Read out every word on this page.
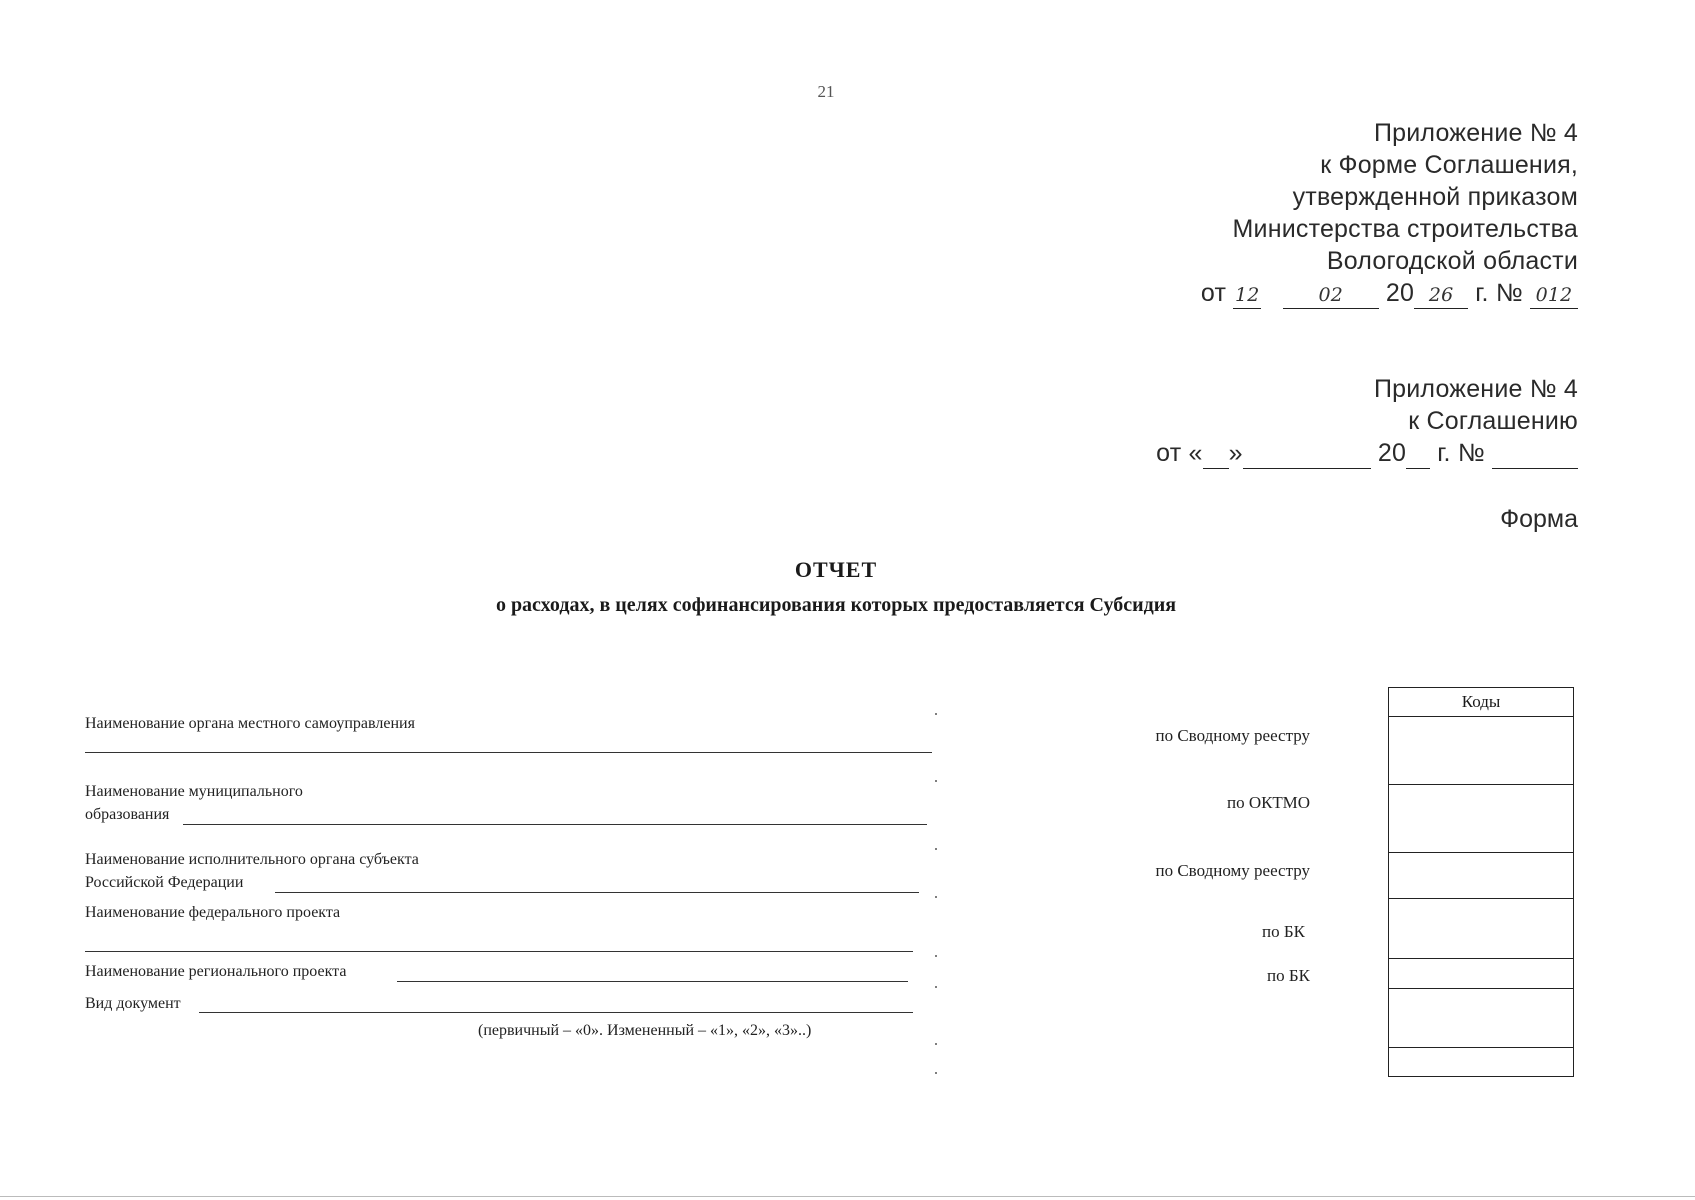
21
Приложение № 4
к Форме Соглашения,
утвержденной приказом
Министерства строительства
Вологодской области
от 12	02 20 26 г. № 012
Приложение № 4
к Соглашению
от « »	20 г. №
Форма
ОТЧЕТ
о расходах, в целях софинансирования которых предоставляется Субсидия
Наименование органа местного самоуправления
Наименование муниципального
образования
Наименование исполнительного органа субъекта
Российской Федерации
Наименование федерального проекта
Наименование регионального проекта
Вид документ
(первичный – «0». Измененный – «1», «2», «3»..)
по Сводному реестру
по ОКТМО
по Сводному реестру
по БК
по БК
Коды
